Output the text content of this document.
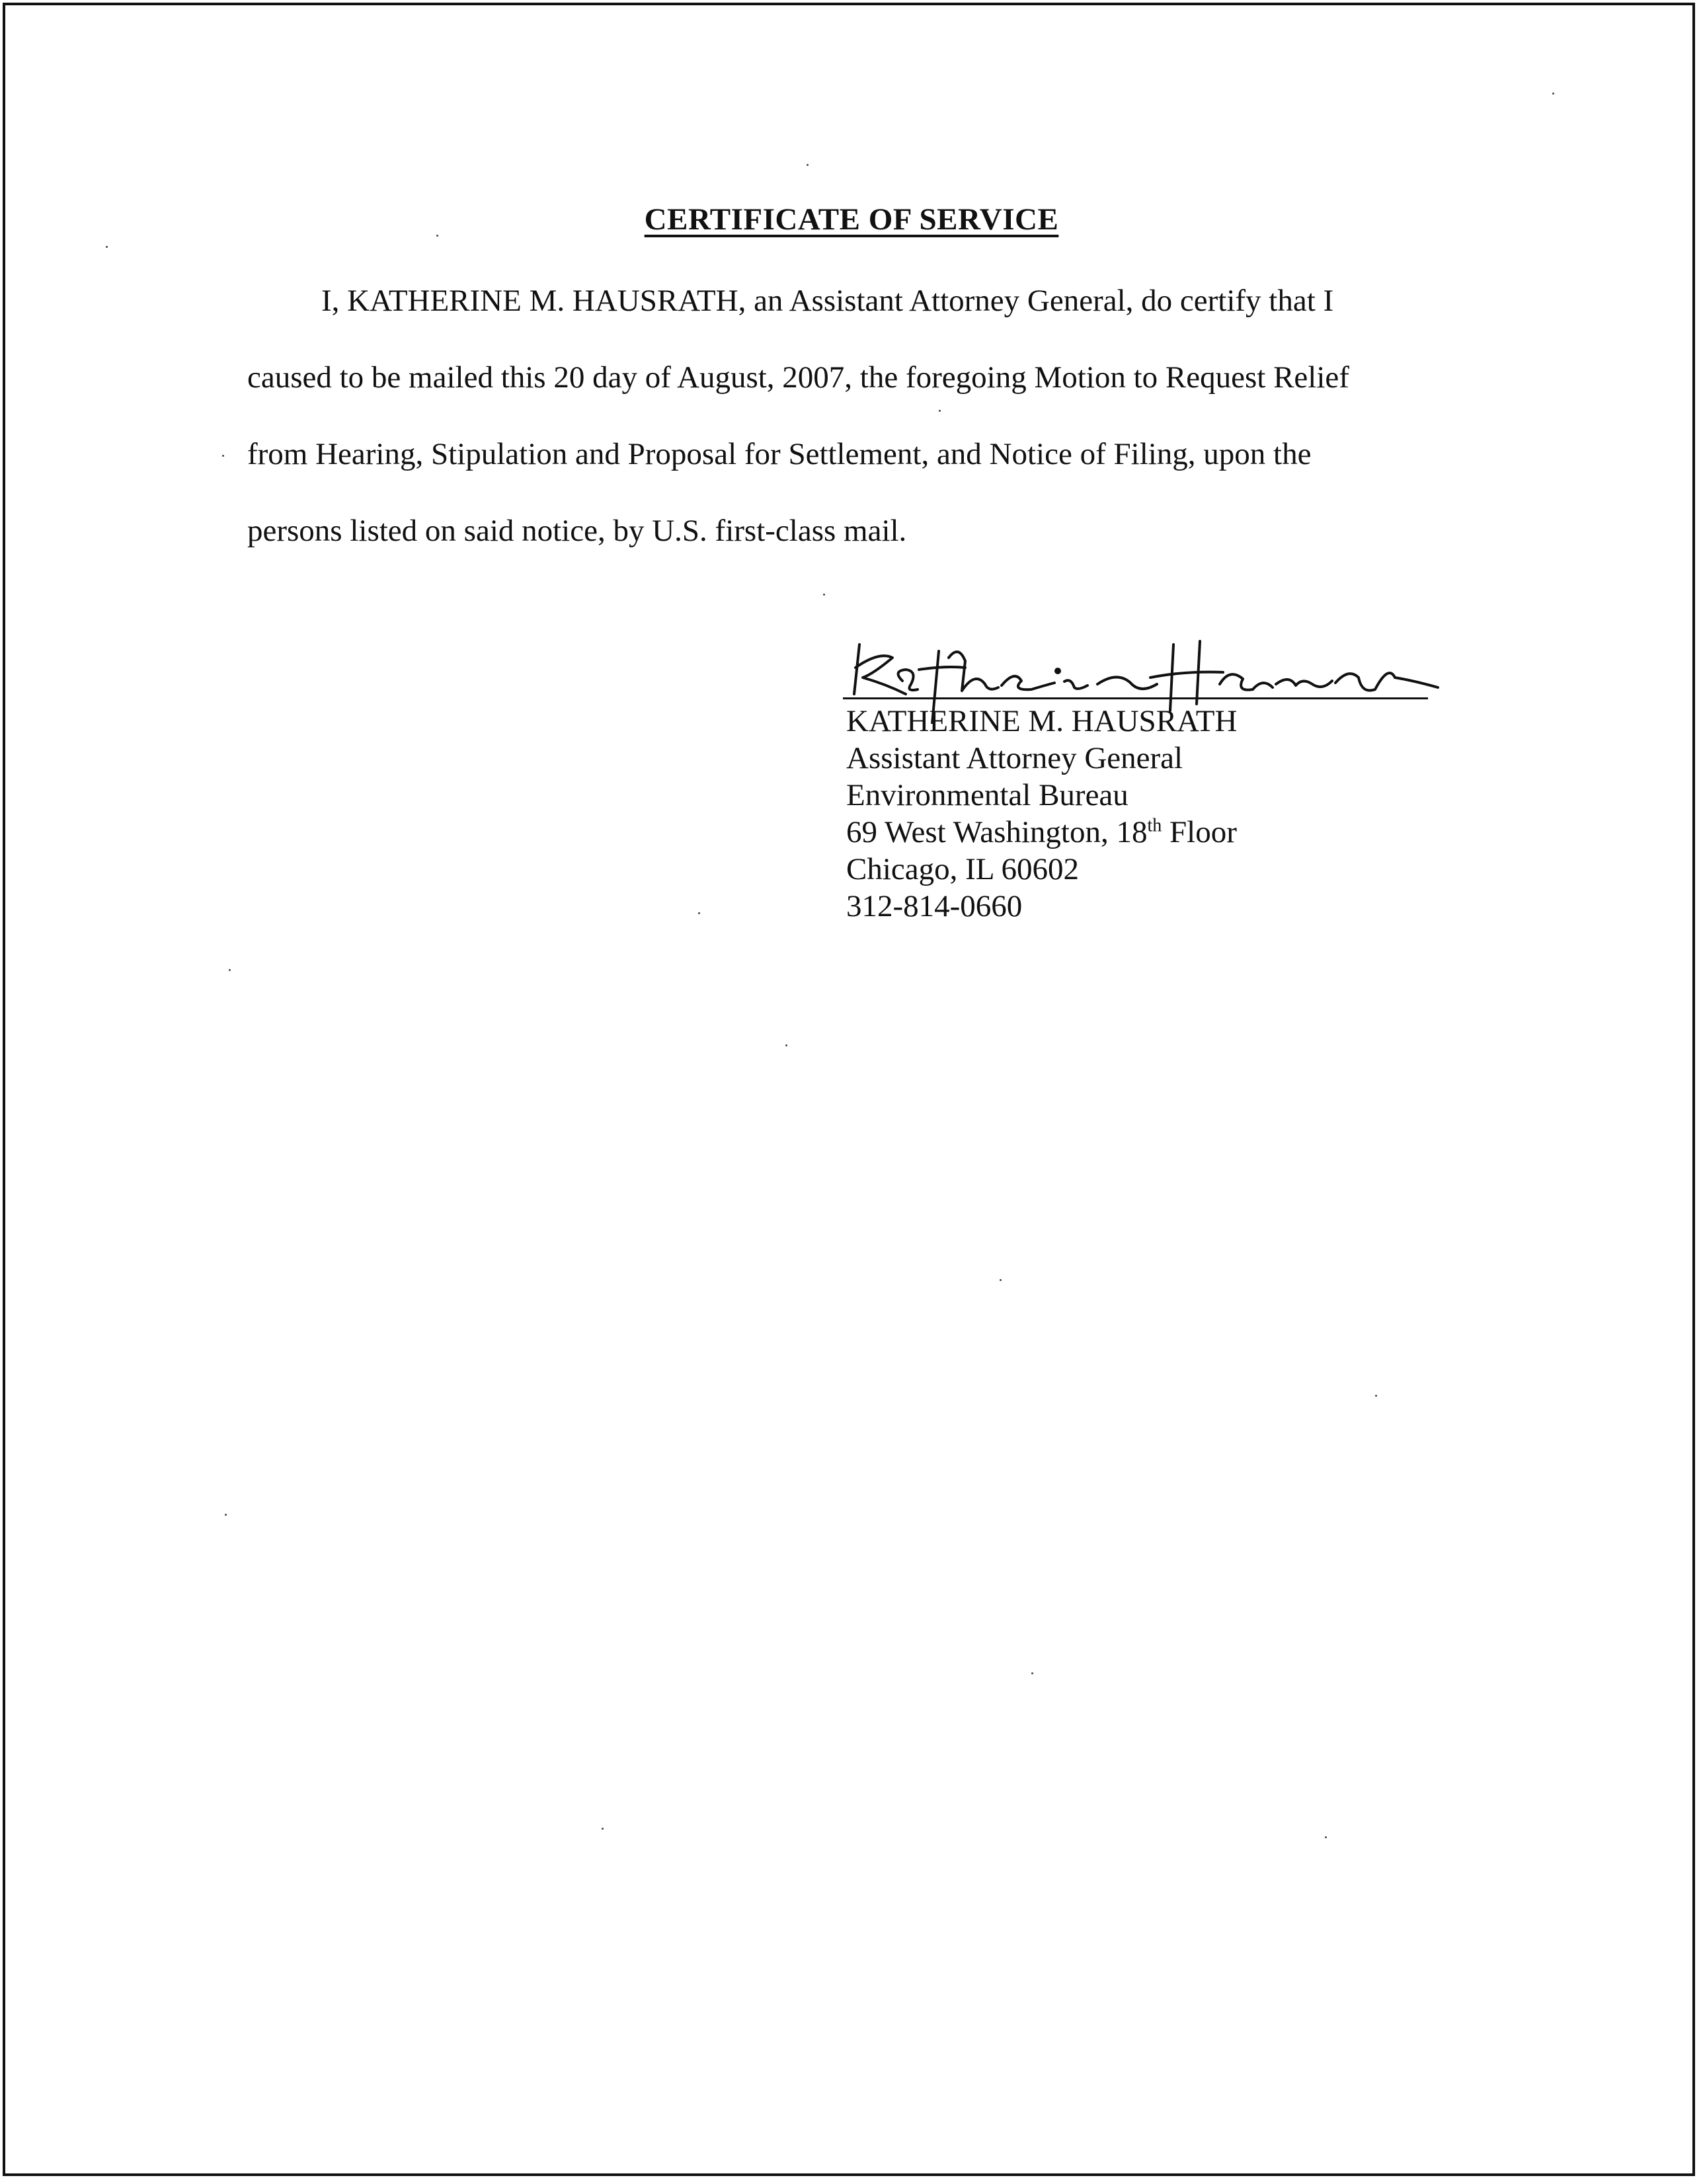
CERTIFICATE OF SERVICE
I, KATHERINE M. HAUSRATH, an Assistant Attorney General, do certify that I
caused to be mailed this 20 day of August, 2007, the foregoing Motion to Request Relief
from Hearing, Stipulation and Proposal for Settlement, and Notice of Filing, upon the
persons listed on said notice, by U.S. first-class mail.
KATHERINE M. HAUSRATH
Assistant Attorney General
Environmental Bureau
69 West Washington, 18th Floor
Chicago, IL 60602
312-814-0660
